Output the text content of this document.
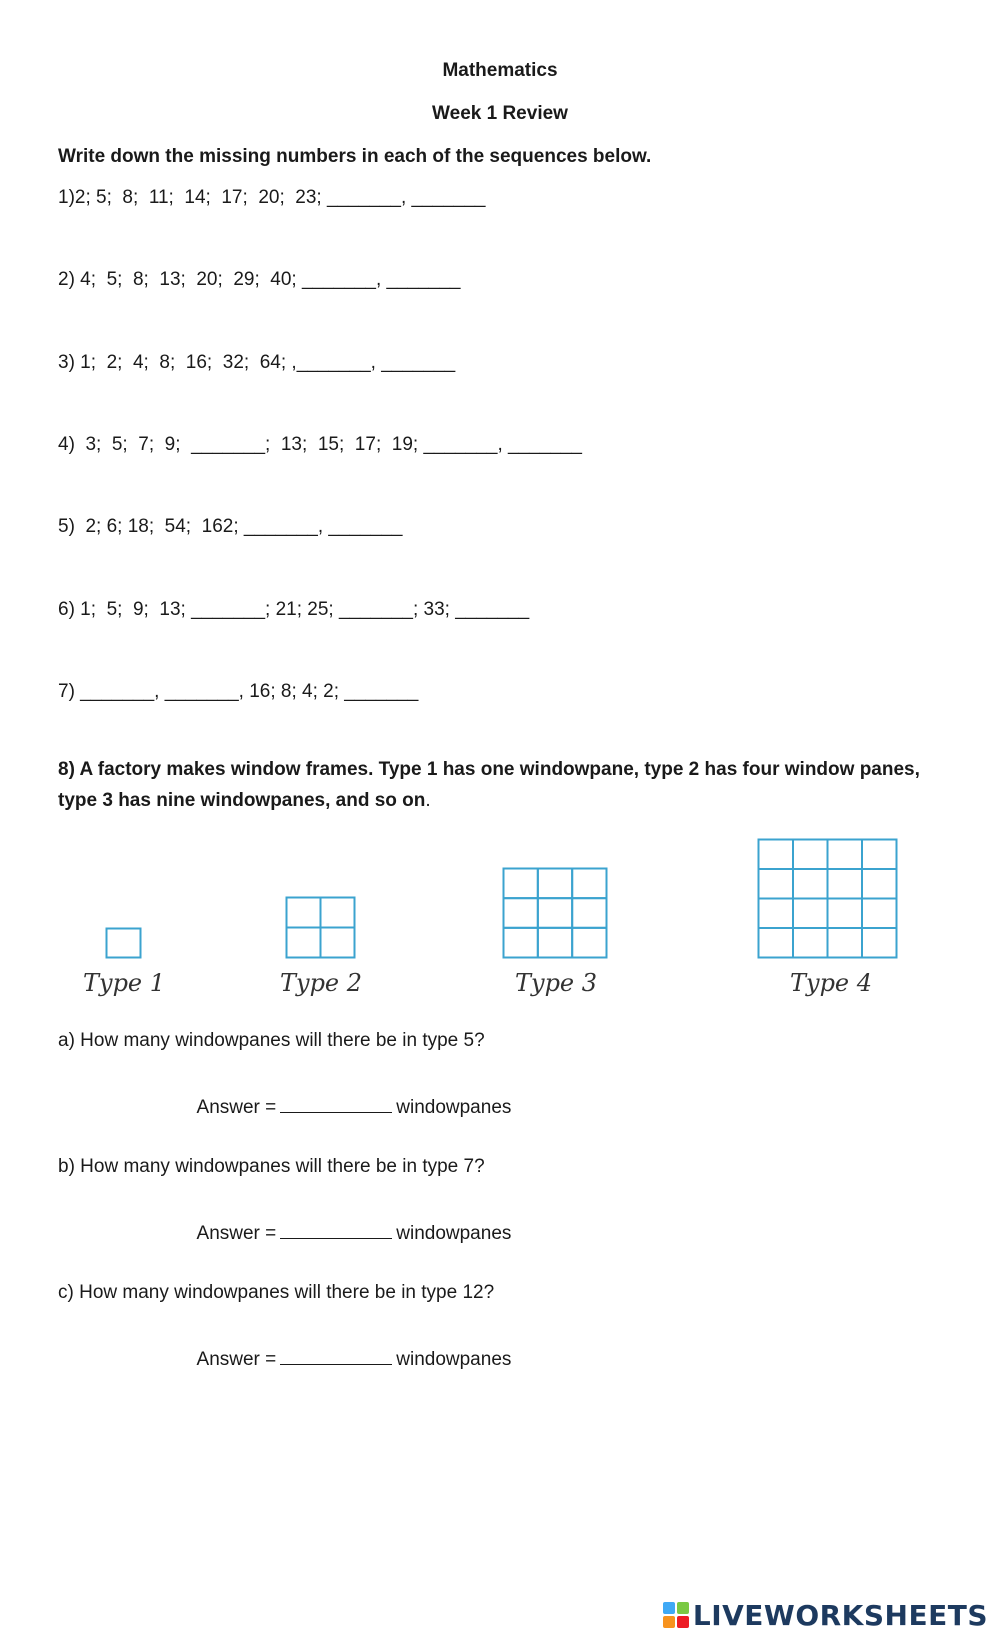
Mathematics
Week 1 Review
Write down the missing numbers in each of the sequences below.
1)2; 5;  8;  11;  14;  17;  20;  23; _______, _______
2) 4;  5;  8;  13;  20;  29;  40; _______, _______
3) 1;  2;  4;  8;  16;  32;  64; ,_______, _______
4)  3;  5;  7;  9;  _______;  13;  15;  17;  19; _______, _______
5)  2; 6; 18;  54;  162; _______, _______
6) 1;  5;  9;  13; _______; 21; 25; _______; 33; _______
7) _______, _______, 16; 8; 4; 2; _______
8) A factory makes window frames. Type 1 has one windowpane, type 2 has four window panes, type 3 has nine windowpanes, and so on.
Type 1	Type 2	Type 3	Type 4
a) How many windowpanes will there be in type 5?

Answer =	windowpanes

b) How many windowpanes will there be in type 7?

Answer =	windowpanes

c) How many windowpanes will there be in type 12?

Answer =	windowpanes

LIVEWORKSHEETS
